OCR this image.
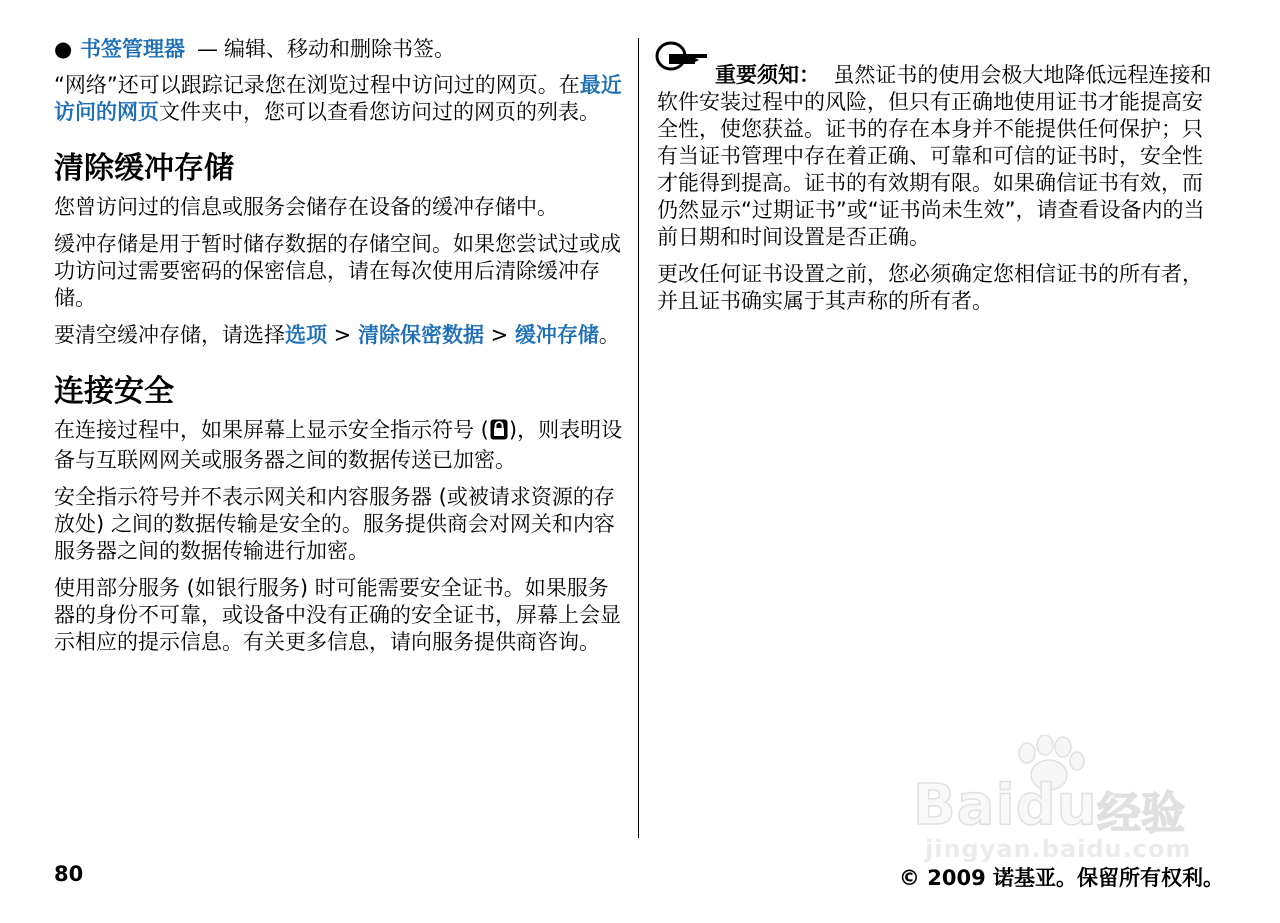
● 书签管理器 — 编辑、移动和删除书签。

“网络”还可以跟踪记录您在浏览过程中访问过的网页。在最近访问的网页文件夹中，您可以查看您访问过的网页的列表。

清除缓冲存储

您曾访问过的信息或服务会储存在设备的缓冲存储中。

缓冲存储是用于暂时储存数据的存储空间。如果您尝试过或成功访问过需要密码的保密信息，请在每次使用后清除缓冲存储。

要清空缓冲存储，请选择选项 > 清除保密数据 > 缓冲存储。

连接安全

在连接过程中，如果屏幕上显示安全指示符号 ( )，则表明设备与互联网网关或服务器之间的数据传送已加密。

安全指示符号并不表示网关和内容服务器 (或被请求资源的存放处) 之间的数据传输是安全的。服务提供商会对网关和内容服务器之间的数据传输进行加密。

使用部分服务 (如银行服务) 时可能需要安全证书。如果服务器的身份不可靠，或设备中没有正确的安全证书，屏幕上会显示相应的提示信息。有关更多信息，请向服务提供商咨询。

重要须知：  虽然证书的使用会极大地降低远程连接和软件安装过程中的风险，但只有正确地使用证书才能提高安全性，使您获益。证书的存在本身并不能提供任何保护；只有当证书管理中存在着正确、可靠和可信的证书时，安全性才能得到提高。证书的有效期有限。如果确信证书有效，而仍然显示“过期证书”或“证书尚未生效”，请查看设备内的当前日期和时间设置是否正确。

更改任何证书设置之前，您必须确定您相信证书的所有者，并且证书确实属于其声称的所有者。

80	© 2009 诺基亚。保留所有权利。
Baidu 经验
jingyan.baidu.com
